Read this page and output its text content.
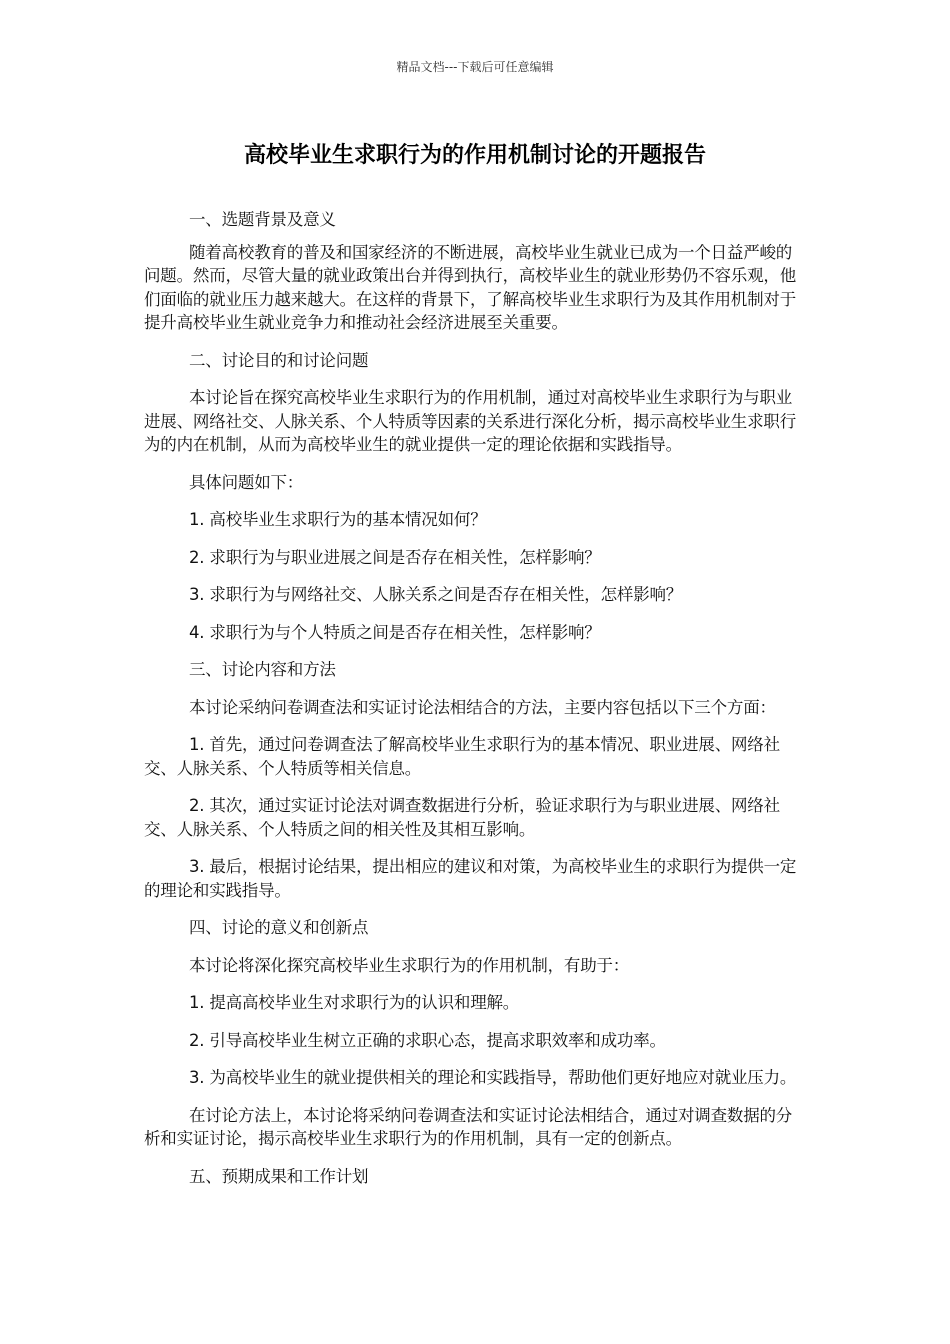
精品文档---下载后可任意编辑
高校毕业生求职行为的作用机制讨论的开题报告

一、选题背景及意义

随着高校教育的普及和国家经济的不断进展，高校毕业生就业已成为一个日益严峻的问题。然而，尽管大量的就业政策出台并得到执行，高校毕业生的就业形势仍不容乐观，他们面临的就业压力越来越大。在这样的背景下，了解高校毕业生求职行为及其作用机制对于提升高校毕业生就业竞争力和推动社会经济进展至关重要。

二、讨论目的和讨论问题

本讨论旨在探究高校毕业生求职行为的作用机制，通过对高校毕业生求职行为与职业进展、网络社交、人脉关系、个人特质等因素的关系进行深化分析，揭示高校毕业生求职行为的内在机制，从而为高校毕业生的就业提供一定的理论依据和实践指导。

具体问题如下：

1. 高校毕业生求职行为的基本情况如何？

2. 求职行为与职业进展之间是否存在相关性，怎样影响？

3. 求职行为与网络社交、人脉关系之间是否存在相关性，怎样影响？

4. 求职行为与个人特质之间是否存在相关性，怎样影响？

三、讨论内容和方法

本讨论采纳问卷调查法和实证讨论法相结合的方法，主要内容包括以下三个方面：

1. 首先，通过问卷调查法了解高校毕业生求职行为的基本情况、职业进展、网络社交、人脉关系、个人特质等相关信息。

2. 其次，通过实证讨论法对调查数据进行分析，验证求职行为与职业进展、网络社交、人脉关系、个人特质之间的相关性及其相互影响。

3. 最后，根据讨论结果，提出相应的建议和对策，为高校毕业生的求职行为提供一定的理论和实践指导。

四、讨论的意义和创新点

本讨论将深化探究高校毕业生求职行为的作用机制，有助于：

1. 提高高校毕业生对求职行为的认识和理解。

2. 引导高校毕业生树立正确的求职心态，提高求职效率和成功率。

3. 为高校毕业生的就业提供相关的理论和实践指导，帮助他们更好地应对就业压力。

在讨论方法上，本讨论将采纳问卷调查法和实证讨论法相结合，通过对调查数据的分析和实证讨论，揭示高校毕业生求职行为的作用机制，具有一定的创新点。

五、预期成果和工作计划
